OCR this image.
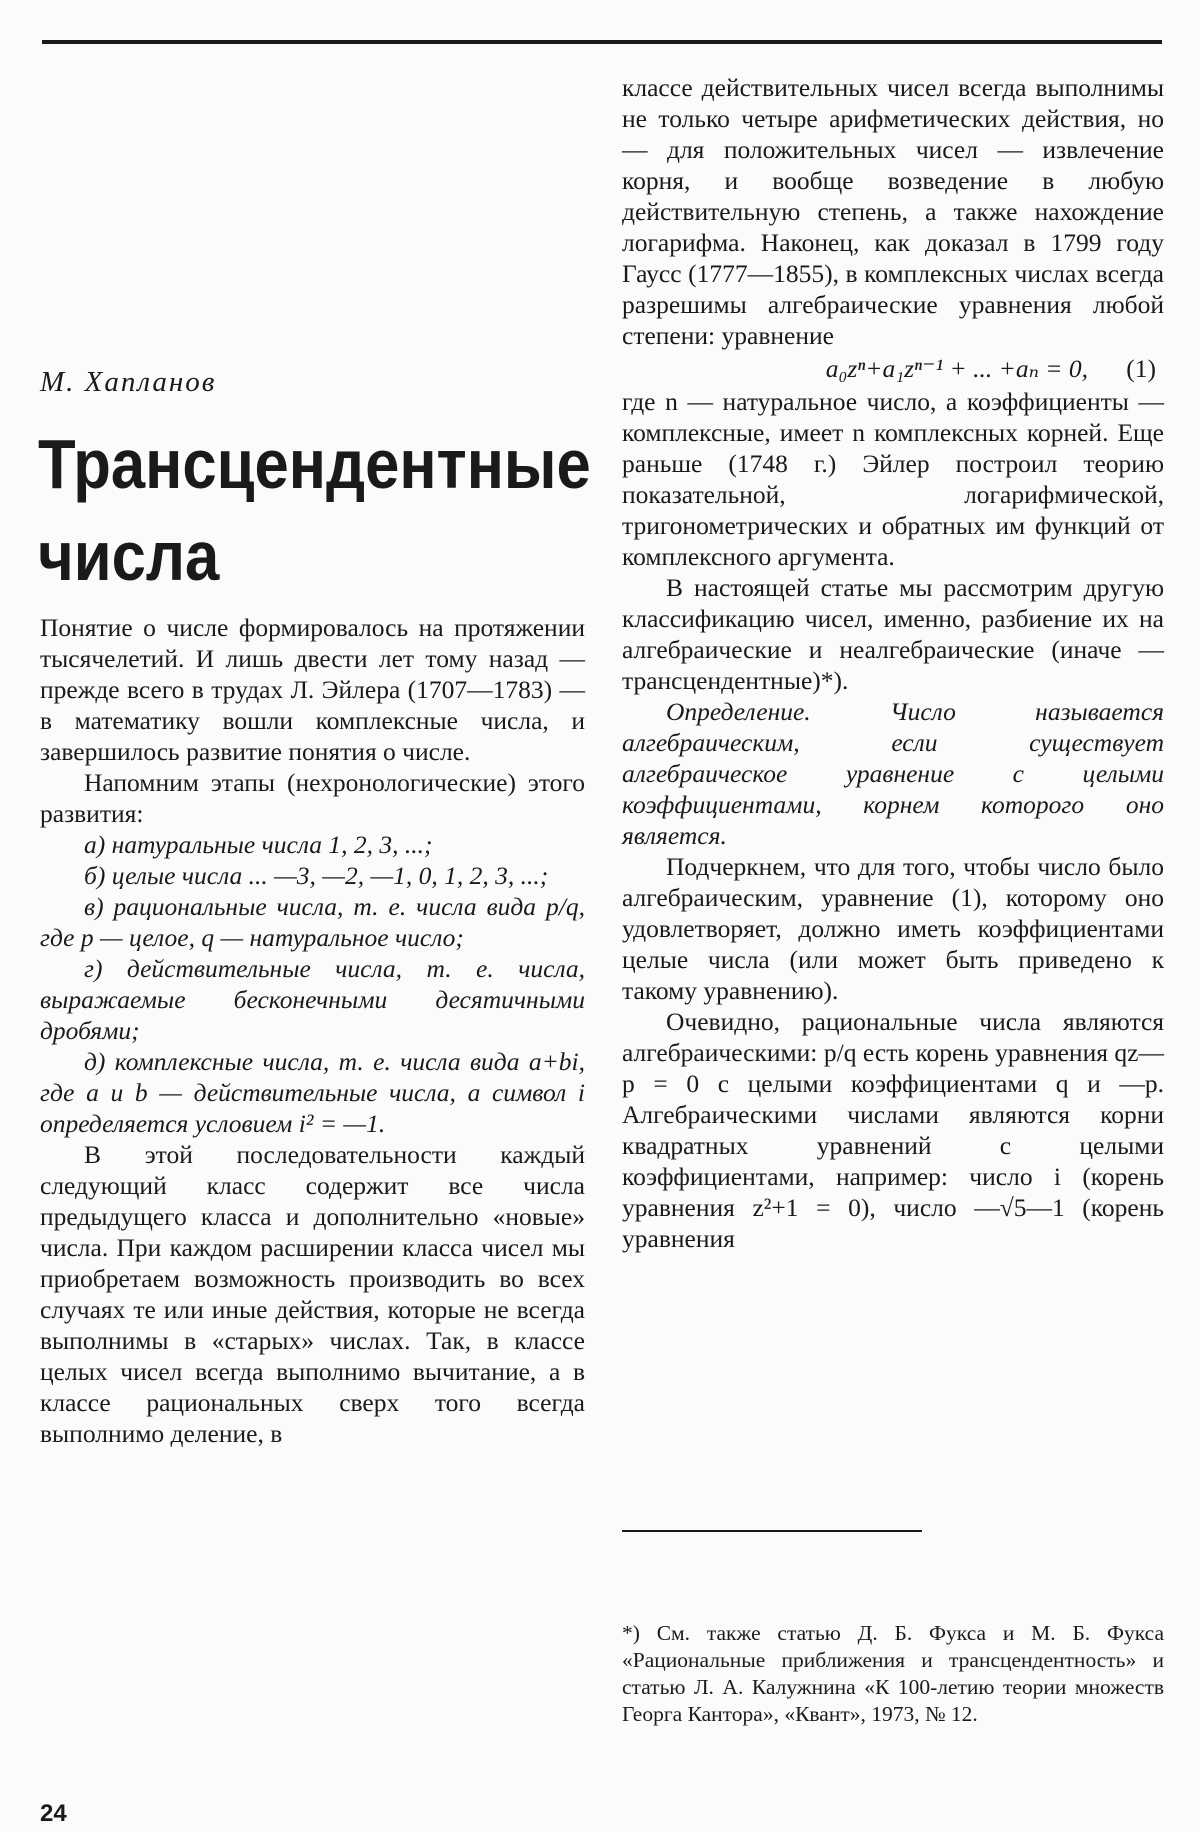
М. Хапланов
Трансцендентные
числа

Понятие о числе формировалось на протяжении тысячелетий. И лишь двести лет тому назад — прежде всего в трудах Л. Эйлера (1707—1783) — в математику вошли комплексные числа, и завершилось развитие понятия о числе.

Напомним этапы (нехронологические) этого развития:

а) натуральные числа 1, 2, 3, ...;

б) целые числа ... —3, —2, —1, 0, 1, 2, 3, ...;

в) рациональные числа, т. е. числа вида p/q, где p — целое, q — натуральное число;

г) действительные числа, т. е. числа, выражаемые бесконечными десятичными дробями;

д) комплексные числа, т. е. числа вида a+bi, где a и b — действительные числа, а символ i определяется условием i² = —1.

В этой последовательности каждый следующий класс содержит все числа предыдущего класса и дополнительно «новые» числа. При каждом расширении класса чисел мы приобретаем возможность производить во всех случаях те или иные действия, которые не всегда выполнимы в «старых» числах. Так, в классе целых чисел всегда выполнимо вычитание, а в классе рациональных сверх того всегда выполнимо деление, в

классе действительных чисел всегда выполнимы не только четыре арифметических действия, но — для положительных чисел — извлечение корня, и вообще возведение в любую действительную степень, а также нахождение логарифма. Наконец, как доказал в 1799 году Гаусс (1777—1855), в комплексных числах всегда разрешимы алгебраические уравнения любой степени: уравнение

a₀zⁿ+a₁zⁿ⁻¹ + ... +aₙ = 0, (1)

где n — натуральное число, а коэффициенты — комплексные, имеет n комплексных корней. Еще раньше (1748 г.) Эйлер построил теорию показательной, логарифмической, тригонометрических и обратных им функций от комплексного аргумента.

В настоящей статье мы рассмотрим другую классификацию чисел, именно, разбиение их на алгебраические и неалгебраические (иначе — трансцендентные)*).

Определение. Число называется алгебраическим, если существует алгебраическое уравнение с целыми коэффициентами, корнем которого оно является.

Подчеркнем, что для того, чтобы число было алгебраическим, уравнение (1), которому оно удовлетворяет, должно иметь коэффициентами целые числа (или может быть приведено к такому уравнению).

Очевидно, рациональные числа являются алгебраическими: p/q есть корень уравнения qz—p = 0 с целыми коэффициентами q и —p. Алгебраическими числами являются корни квадратных уравнений с целыми коэффициентами, например: число i (корень уравнения z²+1 = 0), число —√5—1 (корень уравнения

*) См. также статью Д. Б. Фукса и М. Б. Фукса «Рациональные приближения и трансцендентность» и статью Л. А. Калужнина «К 100-летию теории множеств Георга Кантора», «Квант», 1973, № 12.
24
